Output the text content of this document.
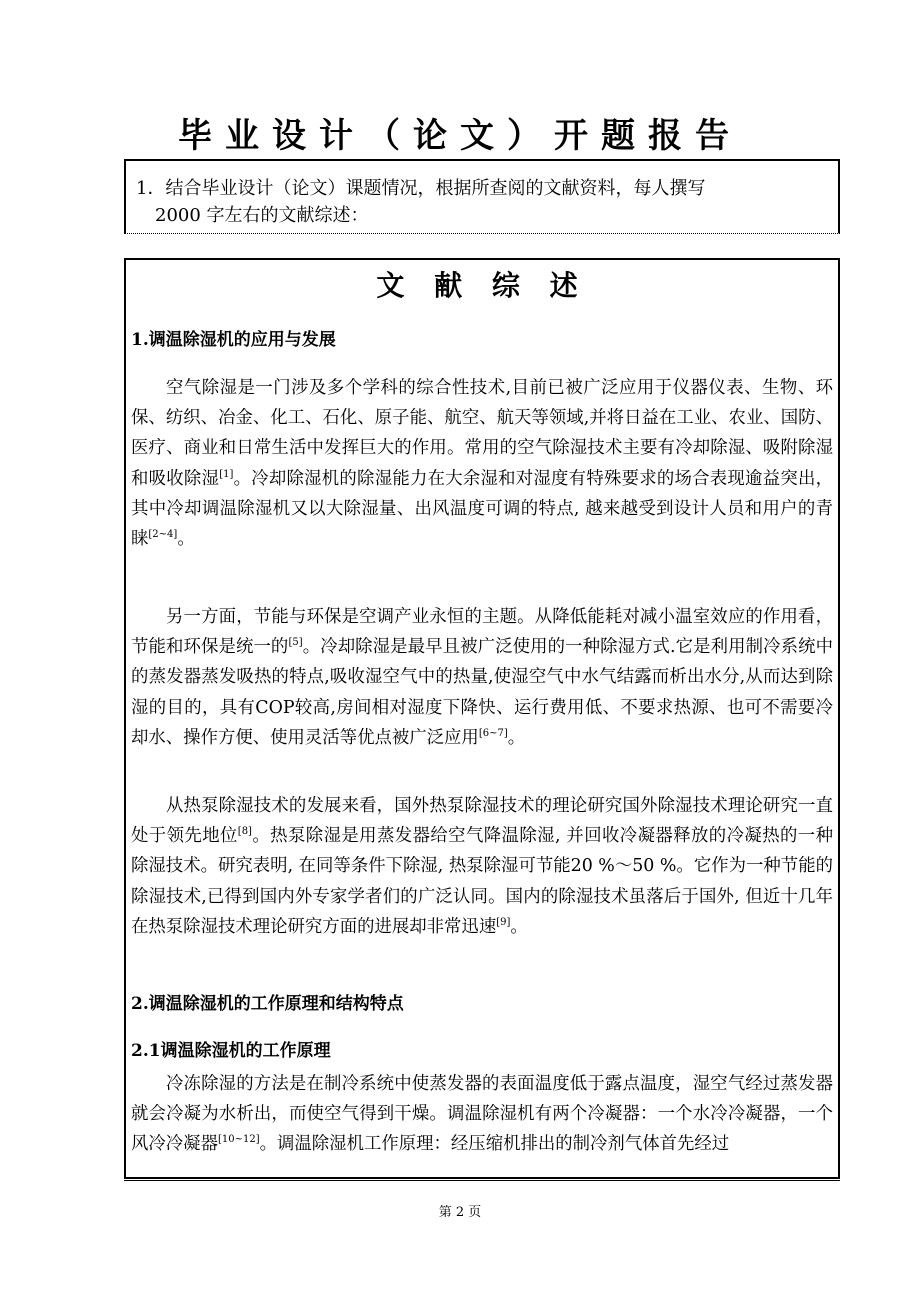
毕业设计（论文）开题报告
1．结合毕业设计（论文）课题情况，根据所查阅的文献资料，每人撰写
2000 字左右的文献综述：
文 献 综 述
1.调温除湿机的应用与发展
空气除湿是一门涉及多个学科的综合性技术,目前已被广泛应用于仪器仪表、生物、环保、纺织、冶金、化工、石化、原子能、航空、航天等领域,并将日益在工业、农业、国防、医疗、商业和日常生活中发挥巨大的作用。常用的空气除湿技术主要有冷却除湿、吸附除湿和吸收除湿[1]。冷却除湿机的除湿能力在大余湿和对湿度有特殊要求的场合表现逾益突出，其中冷却调温除湿机又以大除湿量、出风温度可调的特点, 越来越受到设计人员和用户的青睐[2~4]。
另一方面，节能与环保是空调产业永恒的主题。从降低能耗对减小温室效应的作用看，节能和环保是统一的[5]。冷却除湿是最早且被广泛使用的一种除湿方式.它是利用制冷系统中的蒸发器蒸发吸热的特点,吸收湿空气中的热量,使湿空气中水气结露而析出水分,从而达到除湿的目的，具有COP较高,房间相对湿度下降快、运行费用低、不要求热源、也可不需要冷却水、操作方便、使用灵活等优点被广泛应用[6~7]。
从热泵除湿技术的发展来看，国外热泵除湿技术的理论研究国外除湿技术理论研究一直处于领先地位[8]。热泵除湿是用蒸发器给空气降温除湿, 并回收冷凝器释放的冷凝热的一种除湿技术。研究表明, 在同等条件下除湿, 热泵除湿可节能20 %～50 %。它作为一种节能的除湿技术,已得到国内外专家学者们的广泛认同。国内的除湿技术虽落后于国外, 但近十几年在热泵除湿技术理论研究方面的进展却非常迅速[9]。
2.调温除湿机的工作原理和结构特点
2.1调温除湿机的工作原理
冷冻除湿的方法是在制冷系统中使蒸发器的表面温度低于露点温度，湿空气经过蒸发器就会冷凝为水析出，而使空气得到干燥。调温除湿机有两个冷凝器：一个水冷冷凝器，一个风冷冷凝器[10~12]。调温除湿机工作原理：经压缩机排出的制冷剂气体首先经过
第 2 页
